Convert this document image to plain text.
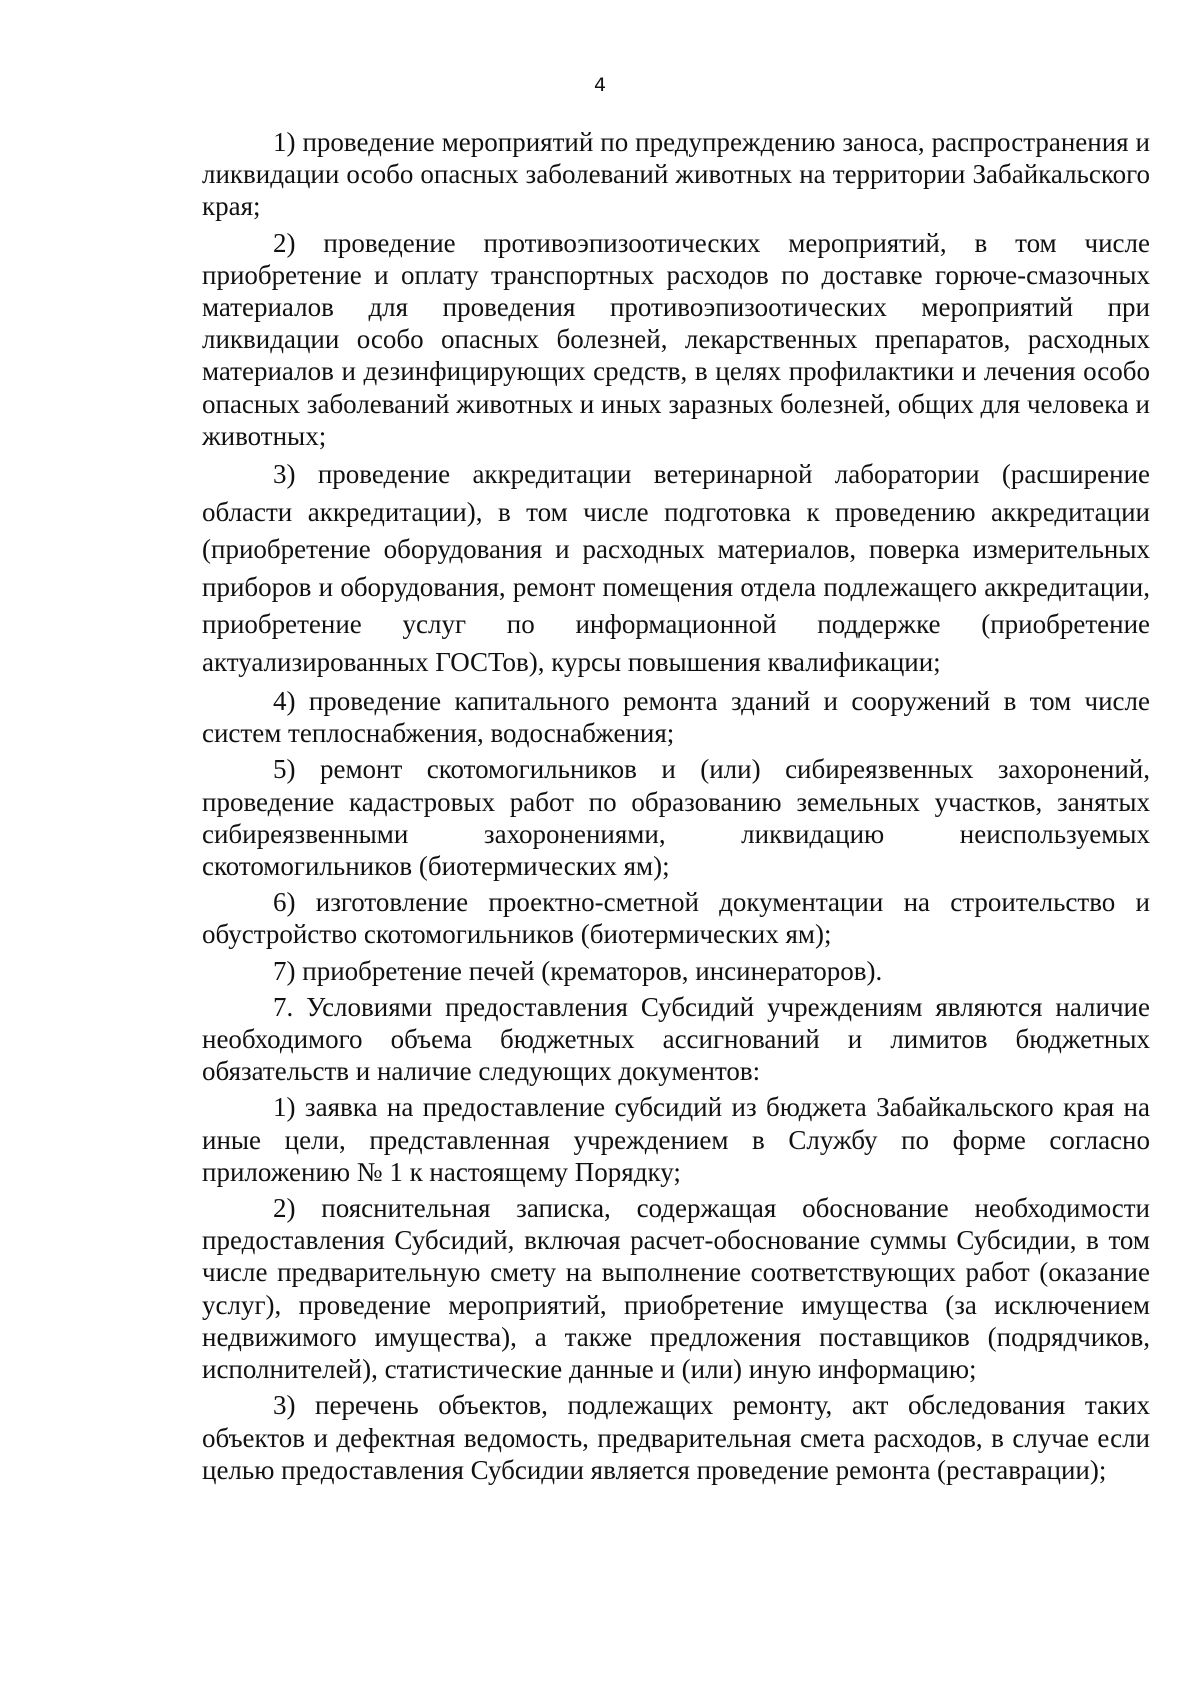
4

1) проведение мероприятий по предупреждению заноса, распространения и ликвидации особо опасных заболеваний животных на территории Забайкальского края;

2) проведение противоэпизоотических мероприятий, в том числе приобретение и оплату транспортных расходов по доставке горюче-смазочных материалов для проведения противоэпизоотических мероприятий при ликвидации особо опасных болезней, лекарственных препаратов, расходных материалов и дезинфицирующих средств, в целях профилактики и лечения особо опасных заболеваний животных и иных заразных болезней, общих для человека и животных;

3) проведение аккредитации ветеринарной лаборатории (расширение области аккредитации), в том числе подготовка к проведению аккредитации (приобретение оборудования и расходных материалов, поверка измерительных приборов и оборудования, ремонт помещения отдела подлежащего аккредитации, приобретение услуг по информационной поддержке (приобретение актуализированных ГОСТов), курсы повышения квалификации;

4) проведение капитального ремонта зданий и сооружений в том числе систем теплоснабжения, водоснабжения;

5) ремонт скотомогильников и (или) сибиреязвенных захоронений, проведение кадастровых работ по образованию земельных участков, занятых сибиреязвенными захоронениями, ликвидацию неиспользуемых скотомогильников (биотермических ям);

6) изготовление проектно-сметной документации на строительство и обустройство скотомогильников (биотермических ям);

7) приобретение печей (крематоров, инсинераторов).

7. Условиями предоставления Субсидий учреждениям являются наличие необходимого объема бюджетных ассигнований и лимитов бюджетных обязательств и наличие следующих документов:

1) заявка на предоставление субсидий из бюджета Забайкальского края на иные цели, представленная учреждением в Службу по форме согласно приложению № 1 к настоящему Порядку;

2) пояснительная записка, содержащая обоснование необходимости предоставления Субсидий, включая расчет-обоснование суммы Субсидии, в том числе предварительную смету на выполнение соответствующих работ (оказание услуг), проведение мероприятий, приобретение имущества (за исключением недвижимого имущества), а также предложения поставщиков (подрядчиков, исполнителей), статистические данные и (или) иную информацию;

3) перечень объектов, подлежащих ремонту, акт обследования таких объектов и дефектная ведомость, предварительная смета расходов, в случае если целью предоставления Субсидии является проведение ремонта (реставрации);
